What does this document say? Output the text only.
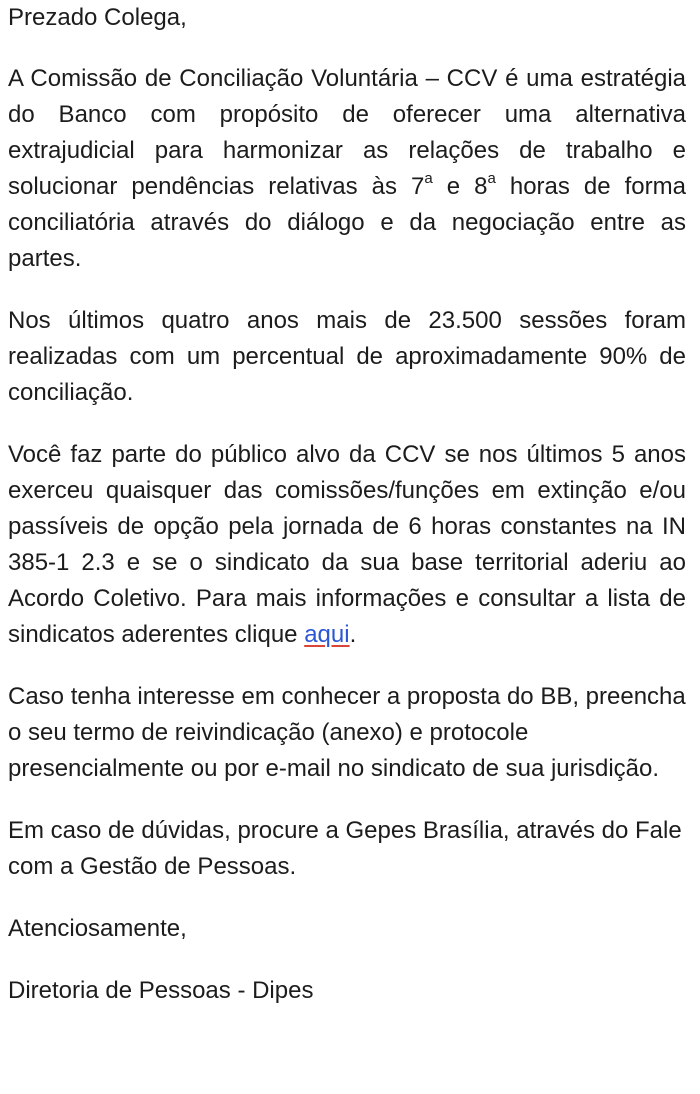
Prezado Colega,

A Comissão de Conciliação Voluntária – CCV é uma estratégia do Banco com propósito de oferecer uma alternativa extrajudicial para harmonizar as relações de trabalho e solucionar pendências relativas às 7$^a$ e 8$^a$ horas de forma conciliatória através do diálogo e da negociação entre as partes.

Nos últimos quatro anos mais de 23.500 sessões foram realizadas com um percentual de aproximadamente 90% de conciliação.

Você faz parte do público alvo da CCV se nos últimos 5 anos exerceu quaisquer das comissões/funções em extinção e/ou passíveis de opção pela jornada de 6 horas constantes na IN 385-1 2.3 e se o sindicato da sua base territorial aderiu ao Acordo Coletivo. Para mais informações e consultar a lista de sindicatos aderentes clique aqui.

Caso tenha interesse em conhecer a proposta do BB, preencha o seu termo de reivindicação (anexo) e protocole presencialmente ou por e-mail no sindicato de sua jurisdição.

Em caso de dúvidas, procure a Gepes Brasília, através do Fale com a Gestão de Pessoas.

Atenciosamente,

Diretoria de Pessoas - Dipes
